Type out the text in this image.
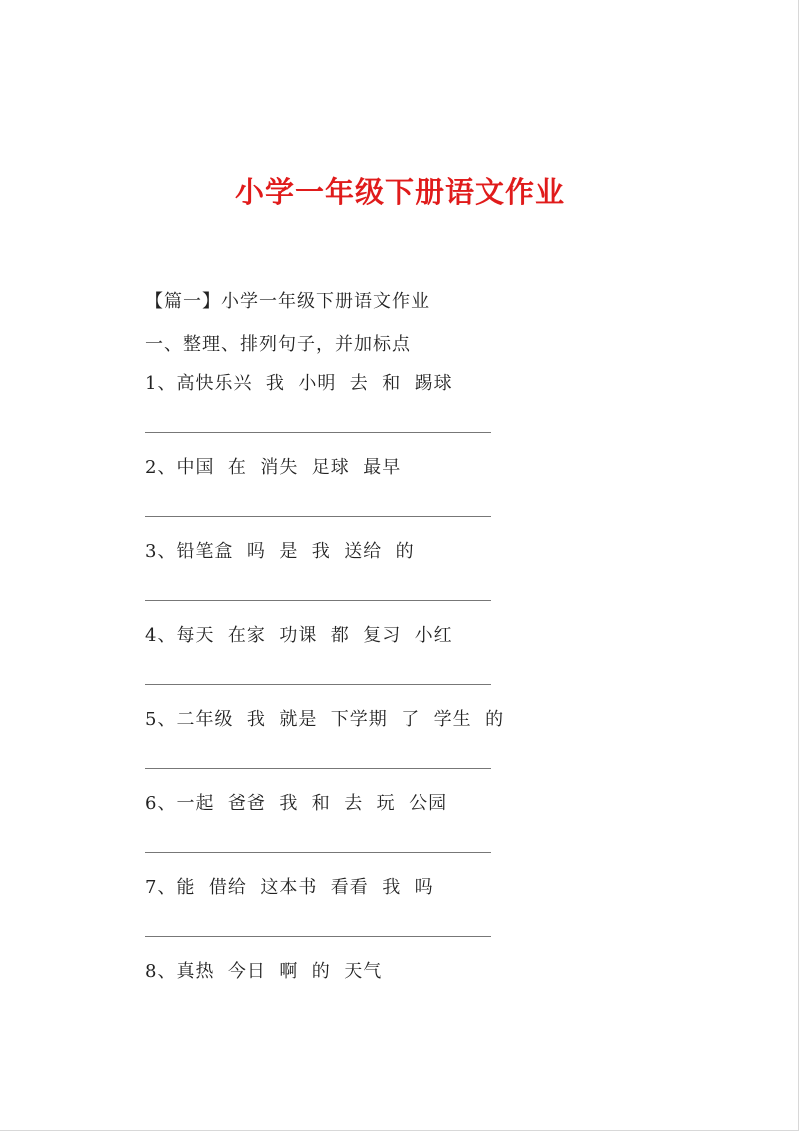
小学一年级下册语文作业
【篇一】小学一年级下册语文作业
一、整理、排列句子，并加标点
1、高快乐兴  我  小明  去  和  踢球
2、中国  在  消失  足球  最早
3、铅笔盒  吗  是  我  送给  的
4、每天  在家  功课  都  复习  小红
5、二年级  我  就是  下学期  了  学生  的
6、一起  爸爸  我  和  去  玩  公园
7、能  借给  这本书  看看  我  吗
8、真热  今日  啊  的  天气
